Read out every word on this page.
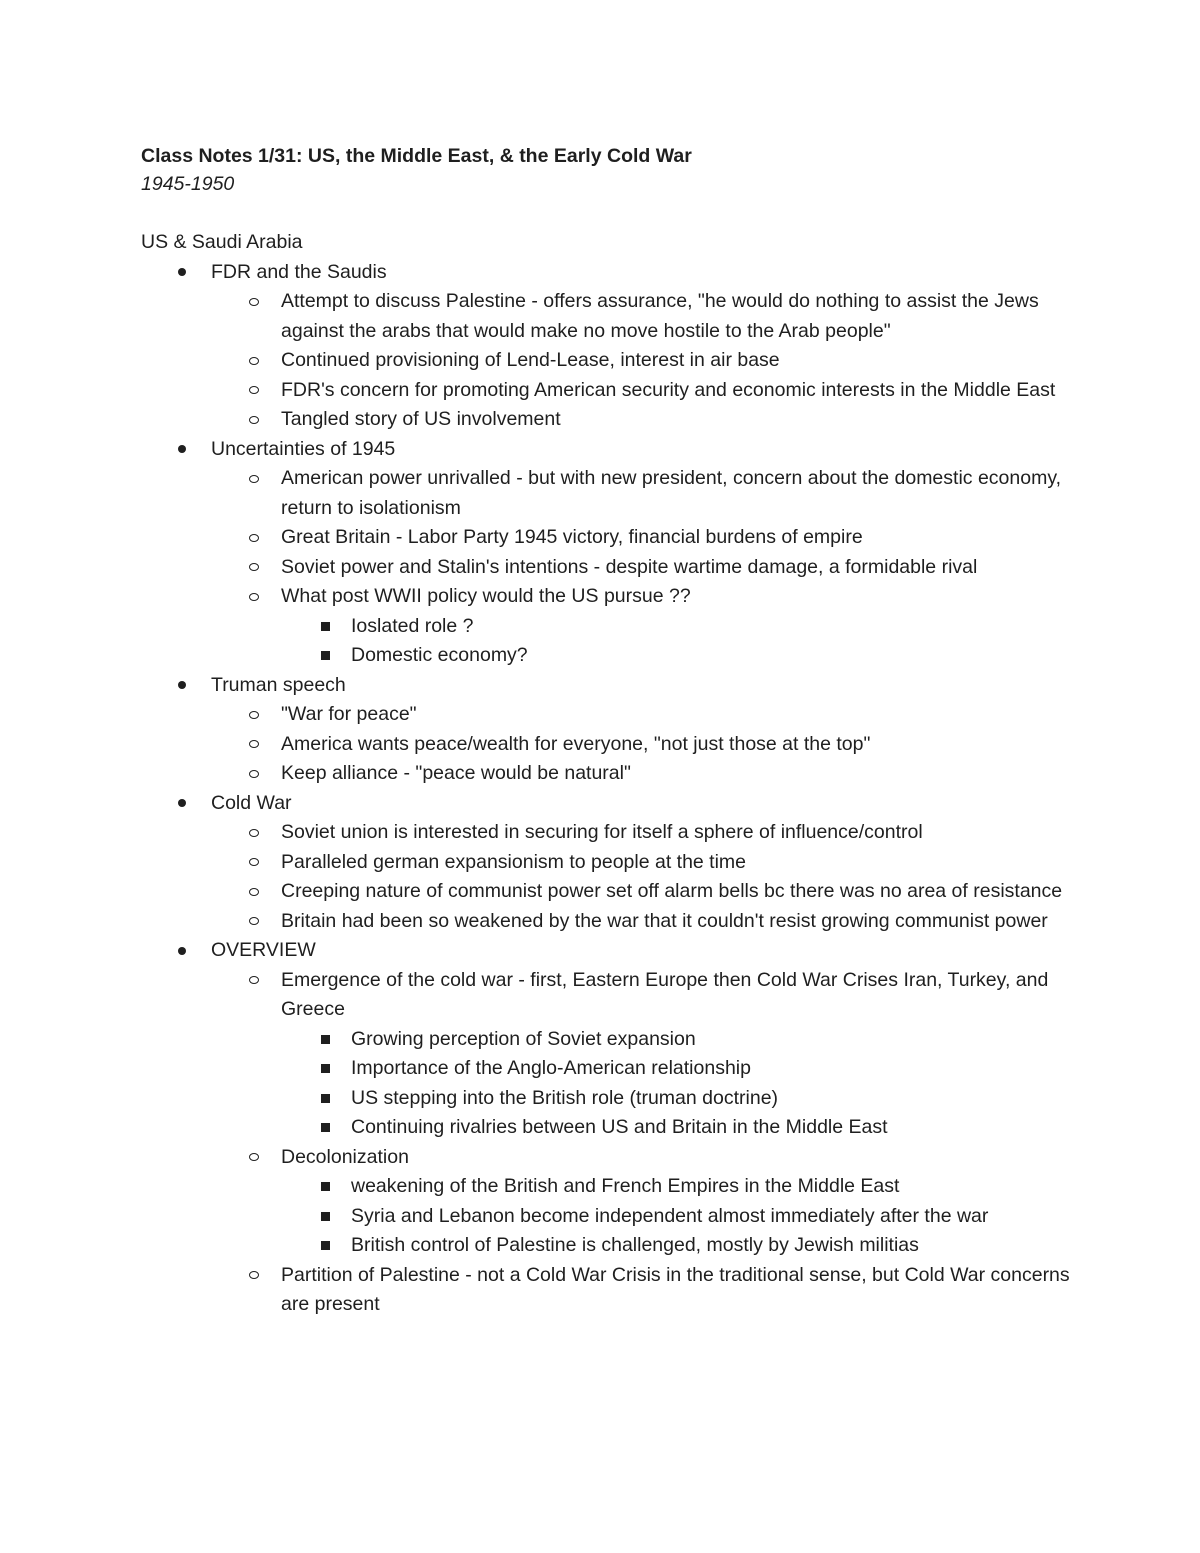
Class Notes 1/31: US, the Middle East, & the Early Cold War
1945-1950
US & Saudi Arabia
FDR and the Saudis
Attempt to discuss Palestine - offers assurance, "he would do nothing to assist the Jews against the arabs that would make no move hostile to the Arab people"
Continued provisioning of Lend-Lease, interest in air base
FDR's concern for promoting American security and economic interests in the Middle East
Tangled story of US involvement
Uncertainties of 1945
American power unrivalled - but with new president, concern about the domestic economy, return to isolationism
Great Britain - Labor Party 1945 victory, financial burdens of empire
Soviet power and Stalin's intentions - despite wartime damage, a formidable rival
What post WWII policy would the US pursue ??
Ioslated role ?
Domestic economy?
Truman speech
"War for peace"
America wants peace/wealth for everyone, "not just those at the top"
Keep alliance - "peace would be natural"
Cold War
Soviet union is interested in securing for itself a sphere of influence/control
Paralleled german expansionism to people at the time
Creeping nature of communist power set off alarm bells bc there was no area of resistance
Britain had been so weakened by the war that it couldn't resist growing communist power
OVERVIEW
Emergence of the cold war - first, Eastern Europe then Cold War Crises Iran, Turkey, and Greece
Growing perception of Soviet expansion
Importance of the Anglo-American relationship
US stepping into the British role (truman doctrine)
Continuing rivalries between US and Britain in the Middle East
Decolonization
weakening of the British and French Empires in the Middle East
Syria and Lebanon become independent almost immediately after the war
British control of Palestine is challenged, mostly by Jewish militias
Partition of Palestine - not a Cold War Crisis in the traditional sense, but Cold War concerns are present
